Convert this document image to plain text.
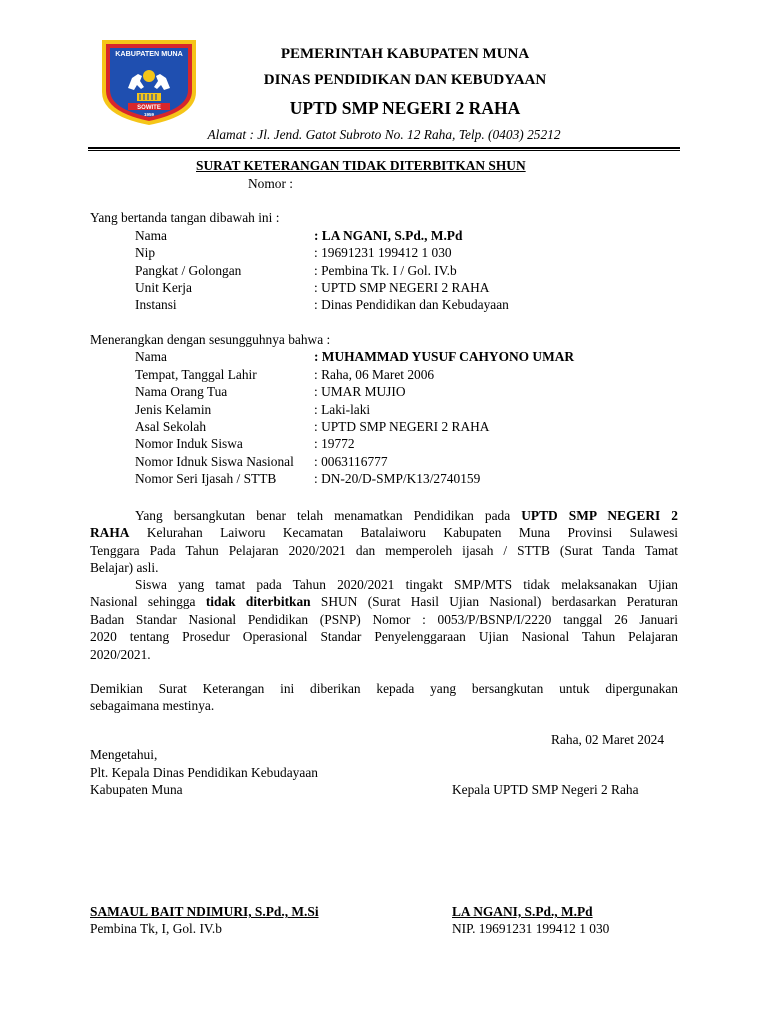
KABUPATEN MUNA
SOWITE
1959
PEMERINTAH KABUPATEN MUNA
DINAS PENDIDIKAN DAN KEBUDYAAN
UPTD SMP NEGERI 2 RAHA
Alamat : Jl. Jend. Gatot Subroto No. 12 Raha, Telp. (0403) 25212
SURAT KETERANGAN TIDAK DITERBITKAN SHUN
Nomor :
Yang bertanda tangan dibawah ini :
Nama	: LA NGANI, S.Pd., M.Pd
Nip	: 19691231 199412 1 030
Pangkat / Golongan	: Pembina Tk. I / Gol. IV.b
Unit Kerja	: UPTD SMP NEGERI 2 RAHA
Instansi	: Dinas Pendidikan dan Kebudayaan
Menerangkan dengan sesungguhnya bahwa :
Nama	: MUHAMMAD YUSUF CAHYONO UMAR
Tempat, Tanggal Lahir	: Raha, 06 Maret 2006
Nama Orang Tua	: UMAR MUJIO
Jenis Kelamin	: Laki-laki
Asal Sekolah	: UPTD SMP NEGERI 2 RAHA
Nomor Induk Siswa	: 19772
Nomor Idnuk Siswa Nasional : 0063116777
Nomor Seri Ijasah / STTB	: DN-20/D-SMP/K13/2740159
Yang bersangkutan benar telah menamatkan Pendidikan pada UPTD SMP NEGERI 2
RAHA Kelurahan Laiworu Kecamatan Batalaiworu Kabupaten Muna Provinsi Sulawesi
Tenggara Pada Tahun Pelajaran 2020/2021 dan memperoleh ijasah / STTB (Surat Tanda Tamat
Belajar) asli.
Siswa yang tamat pada Tahun 2020/2021 tingakt SMP/MTS tidak melaksanakan Ujian
Nasional sehingga tidak diterbitkan SHUN (Surat Hasil Ujian Nasional) berdasarkan Peraturan
Badan Standar Nasional Pendidikan (PSNP) Nomor : 0053/P/BSNP/I/2220 tanggal 26 Januari
2020 tentang Prosedur Operasional Standar Penyelenggaraan Ujian Nasional Tahun Pelajaran
2020/2021.
Demikian Surat Keterangan ini diberikan kepada yang bersangkutan untuk dipergunakan
sebagaimana mestinya.
Raha, 02 Maret 2024
Mengetahui,
Plt. Kepala Dinas Pendidikan Kebudayaan
Kabupaten Muna	Kepala UPTD SMP Negeri 2 Raha
SAMAUL BAIT NDIMURI, S.Pd., M.Si
Pembina Tk, I, Gol. IV.b
LA NGANI, S.Pd., M.Pd
NIP. 19691231 199412 1 030
